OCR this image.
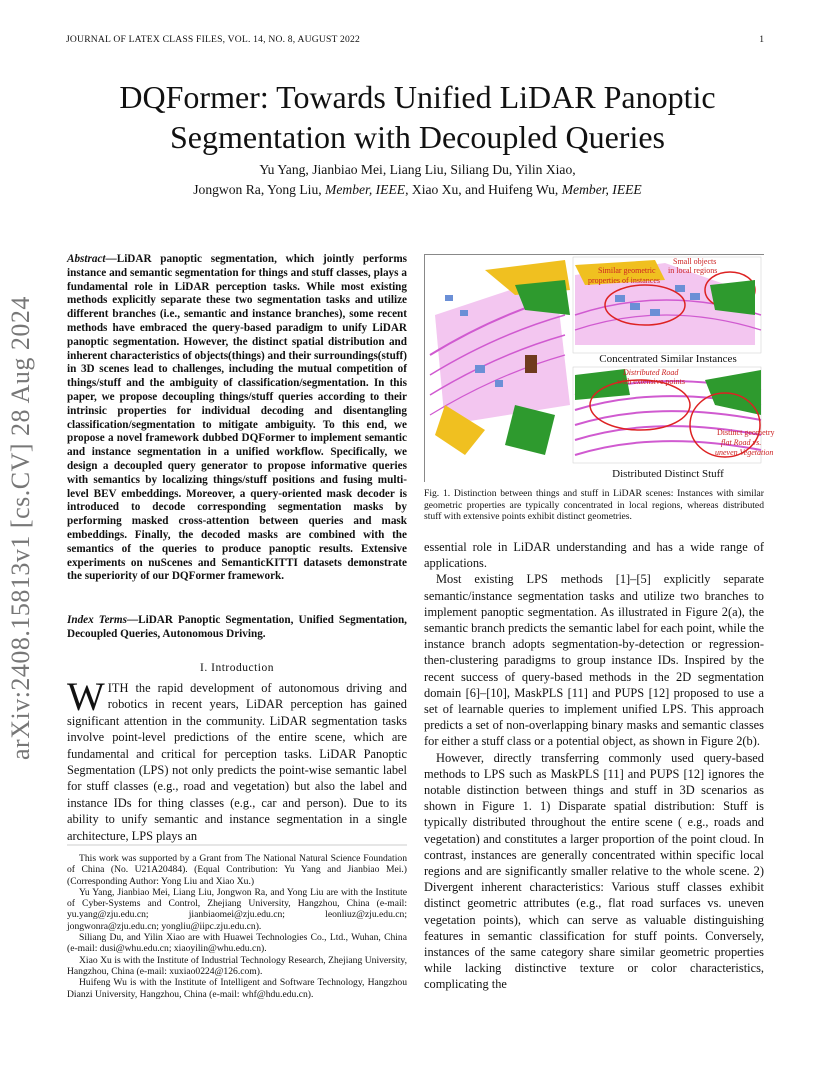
JOURNAL OF LATEX CLASS FILES, VOL. 14, NO. 8, AUGUST 2022	1
arXiv:2408.15813v1 [cs.CV] 28 Aug 2024
DQFormer: Towards Unified LiDAR Panoptic Segmentation with Decoupled Queries
Yu Yang, Jianbiao Mei, Liang Liu, Siliang Du, Yilin Xiao,
Jongwon Ra, Yong Liu, Member, IEEE, Xiao Xu, and Huifeng Wu, Member, IEEE
Abstract—LiDAR panoptic segmentation, which jointly performs instance and semantic segmentation for things and stuff classes, plays a fundamental role in LiDAR perception tasks. While most existing methods explicitly separate these two segmentation tasks and utilize different branches (i.e., semantic and instance branches), some recent methods have embraced the query-based paradigm to unify LiDAR panoptic segmentation. However, the distinct spatial distribution and inherent characteristics of objects(things) and their surroundings(stuff) in 3D scenes lead to challenges, including the mutual competition of things/stuff and the ambiguity of classification/segmentation. In this paper, we propose decoupling things/stuff queries according to their intrinsic properties for individual decoding and disentangling classification/segmentation to mitigate ambiguity. To this end, we propose a novel framework dubbed DQFormer to implement semantic and instance segmentation in a unified workflow. Specifically, we design a decoupled query generator to propose informative queries with semantics by localizing things/stuff positions and fusing multi-level BEV embeddings. Moreover, a query-oriented mask decoder is introduced to decode corresponding segmentation masks by performing masked cross-attention between queries and mask embeddings. Finally, the decoded masks are combined with the semantics of the queries to produce panoptic results. Extensive experiments on nuScenes and SemanticKITTI datasets demonstrate the superiority of our DQFormer framework.
Index Terms—LiDAR Panoptic Segmentation, Unified Segmentation, Decoupled Queries, Autonomous Driving.
I. Introduction
WITH the rapid development of autonomous driving and robotics in recent years, LiDAR perception has gained significant attention in the community. LiDAR segmentation tasks involve point-level predictions of the entire scene, which are fundamental and critical for perception tasks. LiDAR Panoptic Segmentation (LPS) not only predicts the point-wise semantic label for stuff classes (e.g., road and vegetation) but also the label and instance IDs for thing classes (e.g., car and person). Due to its ability to unify semantic and instance segmentation in a single architecture, LPS plays an

This work was supported by a Grant from The National Natural Science Foundation of China (No. U21A20484). (Equal Contribution: Yu Yang and Jianbiao Mei.) (Corresponding Author: Yong Liu and Xiao Xu.)

Yu Yang, Jianbiao Mei, Liang Liu, Jongwon Ra, and Yong Liu are with the Institute of Cyber-Systems and Control, Zhejiang University, Hangzhou, China (e-mail: yu.yang@zju.edu.cn; jianbiaomei@zju.edu.cn; leonliuz@zju.edu.cn; jongwonra@zju.edu.cn; yongliu@iipc.zju.edu.cn).

Siliang Du, and Yilin Xiao are with Huawei Technologies Co., Ltd., Wuhan, China (e-mail: dusi@whu.edu.cn; xiaoyilin@whu.edu.cn).

Xiao Xu is with the Institute of Industrial Technology Research, Zhejiang University, Hangzhou, China (e-mail: xuxiao0224@126.com).

Huifeng Wu is with the Institute of Intelligent and Software Technology, Hangzhou Dianzi University, Hangzhou, China (e-mail: whf@hdu.edu.cn).

Similar geometric
properties of instances
Small objects
in local regions
Concentrated Similar Instances
Distributed Road
with extensive points
Distinct geometry
flat Road vs.
uneven Vegetation
Distributed Distinct Stuff
Fig. 1. Distinction between things and stuff in LiDAR scenes: Instances with similar geometric properties are typically concentrated in local regions, whereas distributed stuff with extensive points exhibit distinct geometries.

essential role in LiDAR understanding and has a wide range of applications.

Most existing LPS methods [1]–[5] explicitly separate semantic/instance segmentation tasks and utilize two branches to implement panoptic segmentation. As illustrated in Figure 2(a), the semantic branch predicts the semantic label for each point, while the instance branch adopts segmentation-by-detection or regression-then-clustering paradigms to group instance IDs. Inspired by the recent success of query-based methods in the 2D segmentation domain [6]–[10], MaskPLS [11] and PUPS [12] proposed to use a set of learnable queries to implement unified LPS. This approach predicts a set of non-overlapping binary masks and semantic classes for either a stuff class or a potential object, as shown in Figure 2(b).

However, directly transferring commonly used query-based methods to LPS such as MaskPLS [11] and PUPS [12] ignores the notable distinction between things and stuff in 3D scenarios as shown in Figure 1. 1) Disparate spatial distribution: Stuff is typically distributed throughout the entire scene ( e.g., roads and vegetation) and constitutes a larger proportion of the point cloud. In contrast, instances are generally concentrated within specific local regions and are significantly smaller relative to the whole scene. 2) Divergent inherent characteristics: Various stuff classes exhibit distinct geometric attributes (e.g., flat road surfaces vs. uneven vegetation points), which can serve as valuable distinguishing features in semantic classification for stuff points. Conversely, instances of the same category share similar geometric properties while lacking distinctive texture or color characteristics, complicating the
